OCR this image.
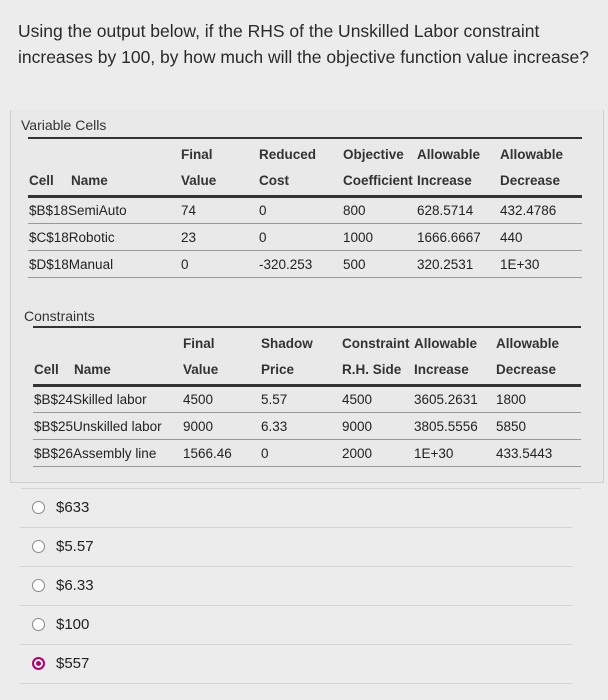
Using the output below, if the RHS of the Unskilled Labor constraint increases by 100, by how much will the objective function value increase?
Variable Cells
Final	Reduced Objective Allowable Allowable
Cell Name	Value	Cost	Coefficient Increase Decrease
$B$18SemiAuto	74	0	800	628.5714 432.4786
$C$18Robotic	23	0	1000	1666.6667 440
$D$18Manual	0	-320.253 500	320.2531 1E+30
Constraints
Final	Shadow Constraint Allowable Allowable
Cell Name	Value	Price	R.H. Side Increase Decrease
$B$24Skilled labor	4500	5.57	4500	3605.2631 1800
$B$25Unskilled labor 9000	6.33	9000	3805.5556 5850
$B$26Assembly line 1566.46 0	2000	1E+30	433.5443
$633
$5.57
$6.33
$100
$557
